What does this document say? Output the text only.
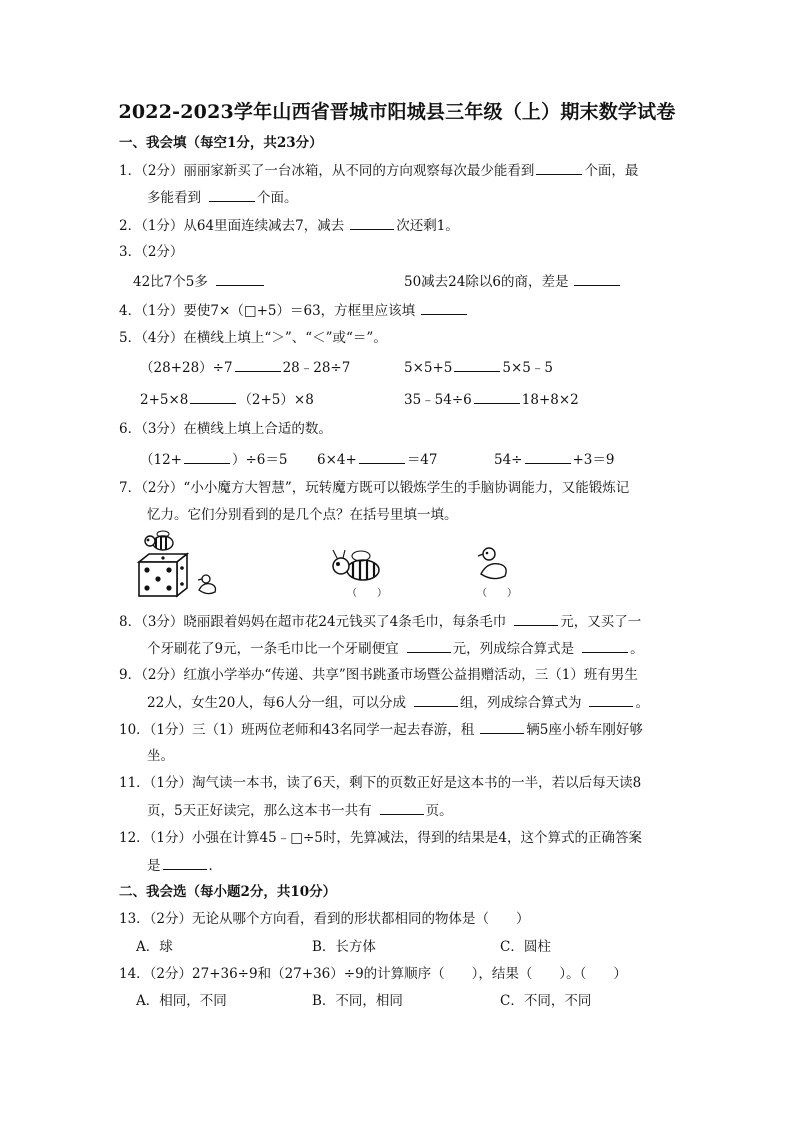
2022-2023学年山西省晋城市阳城县三年级（上）期末数学试卷
一、我会填（每空1分，共23分）
1．（2分）丽丽家新买了一台冰箱，从不同的方向观察每次最少能看到	个面，最
多能看到	个面。
2．（1分）从64里面连续减去7，减去	次还剩1。
3．（2分）
42比7个5多	50减去24除以6的商，差是
4．（1分）要使7×（□+5）＝63，方框里应该填
5．（4分）在横线上填上“＞”、“＜”或“＝”。
（28+28）÷7	28﹣28÷7	5×5+5	5×5﹣5
2+5×8	（2+5）×8	35﹣54÷6	18+8×2
6．（3分）在横线上填上合适的数。
（12+	）÷6＝5 6×4+	＝47	54÷	+3＝9
7．（2分）“小小魔方大智慧”，玩转魔方既可以锻炼学生的手脑协调能力，又能锻炼记
忆力。它们分别看到的是几个点？在括号里填一填。
（　　）	（　　）
8．（3分）晓丽跟着妈妈在超市花24元钱买了4条毛巾，每条毛巾	元，又买了一
个牙刷花了9元，一条毛巾比一个牙刷便宜	元，列成综合算式是	。
9．（2分）红旗小学举办“传递、共享”图书跳蚤市场暨公益捐赠活动，三（1）班有男生
22人，女生20人，每6人分一组，可以分成	组，列成综合算式为	。
10．（1分）三（1）班两位老师和43名同学一起去春游，租	辆5座小轿车刚好够
坐。
11．（1分）淘气读一本书，读了6天，剩下的页数正好是这本书的一半，若以后每天读8
页，5天正好读完，那么这本书一共有	页。
12．（1分）小强在计算45﹣□÷5时，先算减法，得到的结果是4，这个算式的正确答案
是	．
二、我会选（每小题2分，共10分）
13．（2分）无论从哪个方向看，看到的形状都相同的物体是（　　）
A．球	B．长方体	C．圆柱
14．（2分）27+36÷9和（27+36）÷9的计算顺序（　　），结果（　　）。（　　）
A．相同，不同	B．不同，相同	C．不同，不同
